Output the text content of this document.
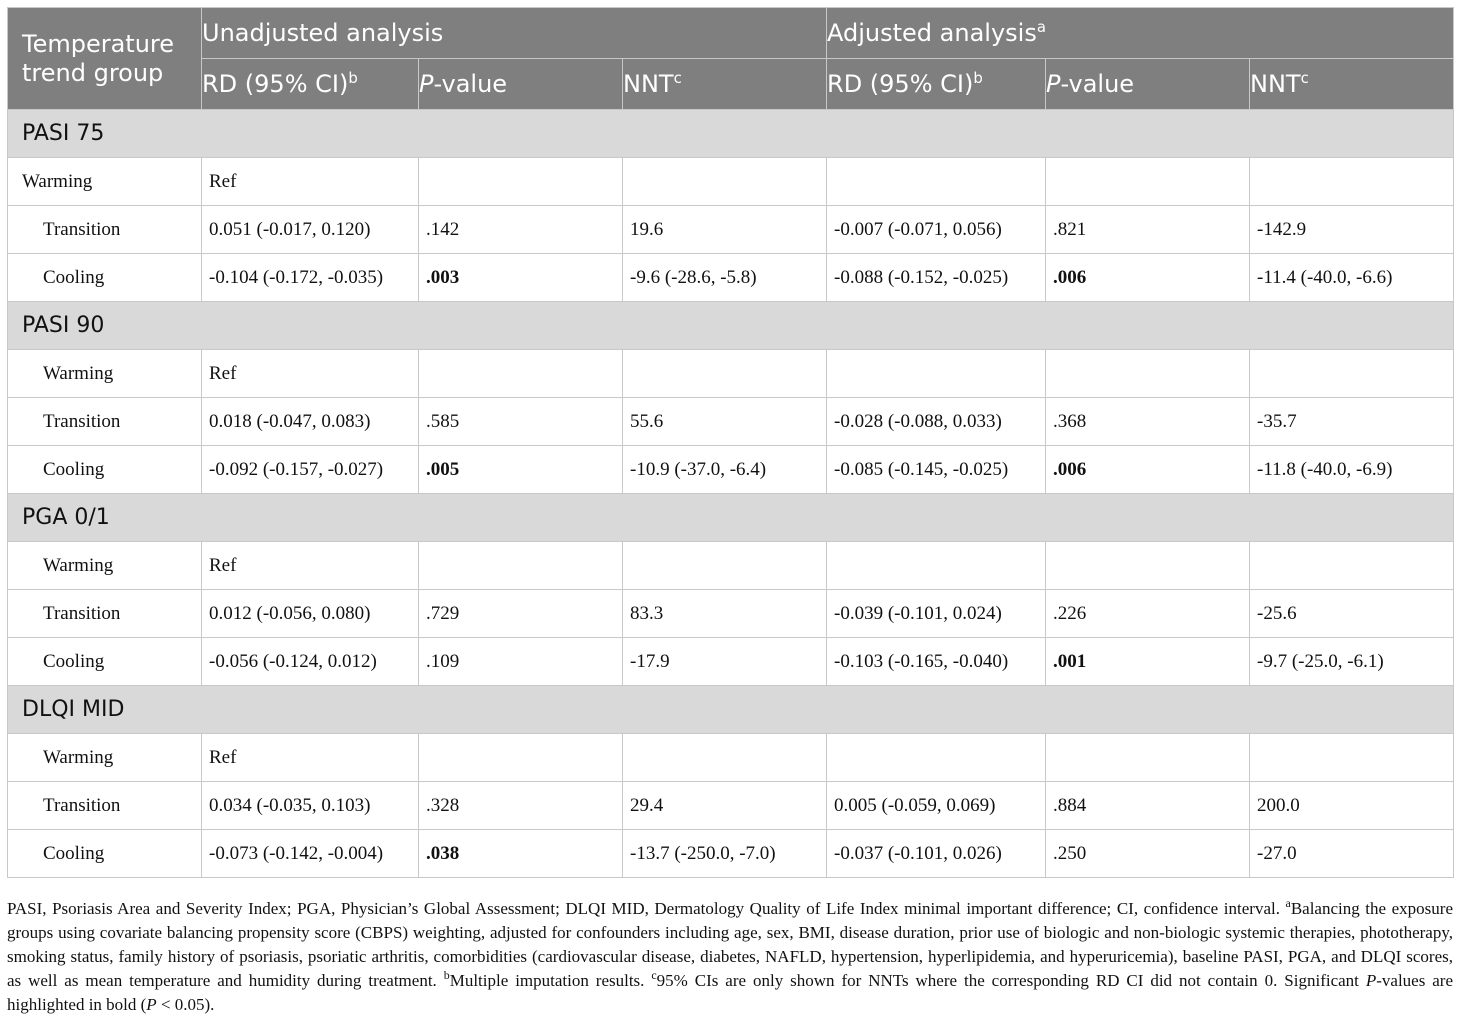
Temperature trend group	Unadjusted analysis			Adjusted analysis$^a$
	RD (95% CI)$^b$	P-value	NNT$^c$	RD (95% CI)$^b$	P-value	NNT$^c$
PASI 75						
Warming	Ref					
Transition	0.051 (-0.017, 0.120)	.142	19.6	-0.007 (-0.071, 0.056)	.821	-142.9
Cooling	-0.104 (-0.172, -0.035)	.003	-9.6 (-28.6, -5.8)	-0.088 (-0.152, -0.025)	.006	-11.4 (-40.0, -6.6)
PASI 90						
Warming	Ref					
Transition	0.018 (-0.047, 0.083)	.585	55.6	-0.028 (-0.088, 0.033)	.368	-35.7
Cooling	-0.092 (-0.157, -0.027)	.005	-10.9 (-37.0, -6.4)	-0.085 (-0.145, -0.025)	.006	-11.8 (-40.0, -6.9)
PGA 0/1						
Warming	Ref					
Transition	0.012 (-0.056, 0.080)	.729	83.3	-0.039 (-0.101, 0.024)	.226	-25.6
Cooling	-0.056 (-0.124, 0.012)	.109	-17.9	-0.103 (-0.165, -0.040)	.001	-9.7 (-25.0, -6.1)
DLQI MID						
Warming	Ref					
Transition	0.034 (-0.035, 0.103)	.328	29.4	0.005 (-0.059, 0.069)	.884	200.0
Cooling	-0.073 (-0.142, -0.004)	.038	-13.7 (-250.0, -7.0)	-0.037 (-0.101, 0.026)	.250	-27.0
PASI, Psoriasis Area and Severity Index; PGA, Physician’s Global Assessment; DLQI MID, Dermatology Quality of Life Index minimal important difference; CI, confidence interval. $^a$Balancing the exposure groups using covariate balancing propensity score (CBPS) weighting, adjusted for confounders including age, sex, BMI, disease duration, prior use of biologic and non-biologic systemic therapies, phototherapy, smoking status, family history of psoriasis, psoriatic arthritis, comorbidities (cardiovascular disease, diabetes, NAFLD, hypertension, hyperlipidemia, and hyperuricemia), baseline PASI, PGA, and DLQI scores, as well as mean temperature and humidity during treatment. $^b$Multiple imputation results. $^c$95% CIs are only shown for NNTs where the corresponding RD CI did not contain 0. Significant P-values are highlighted in bold (P < 0.05).
